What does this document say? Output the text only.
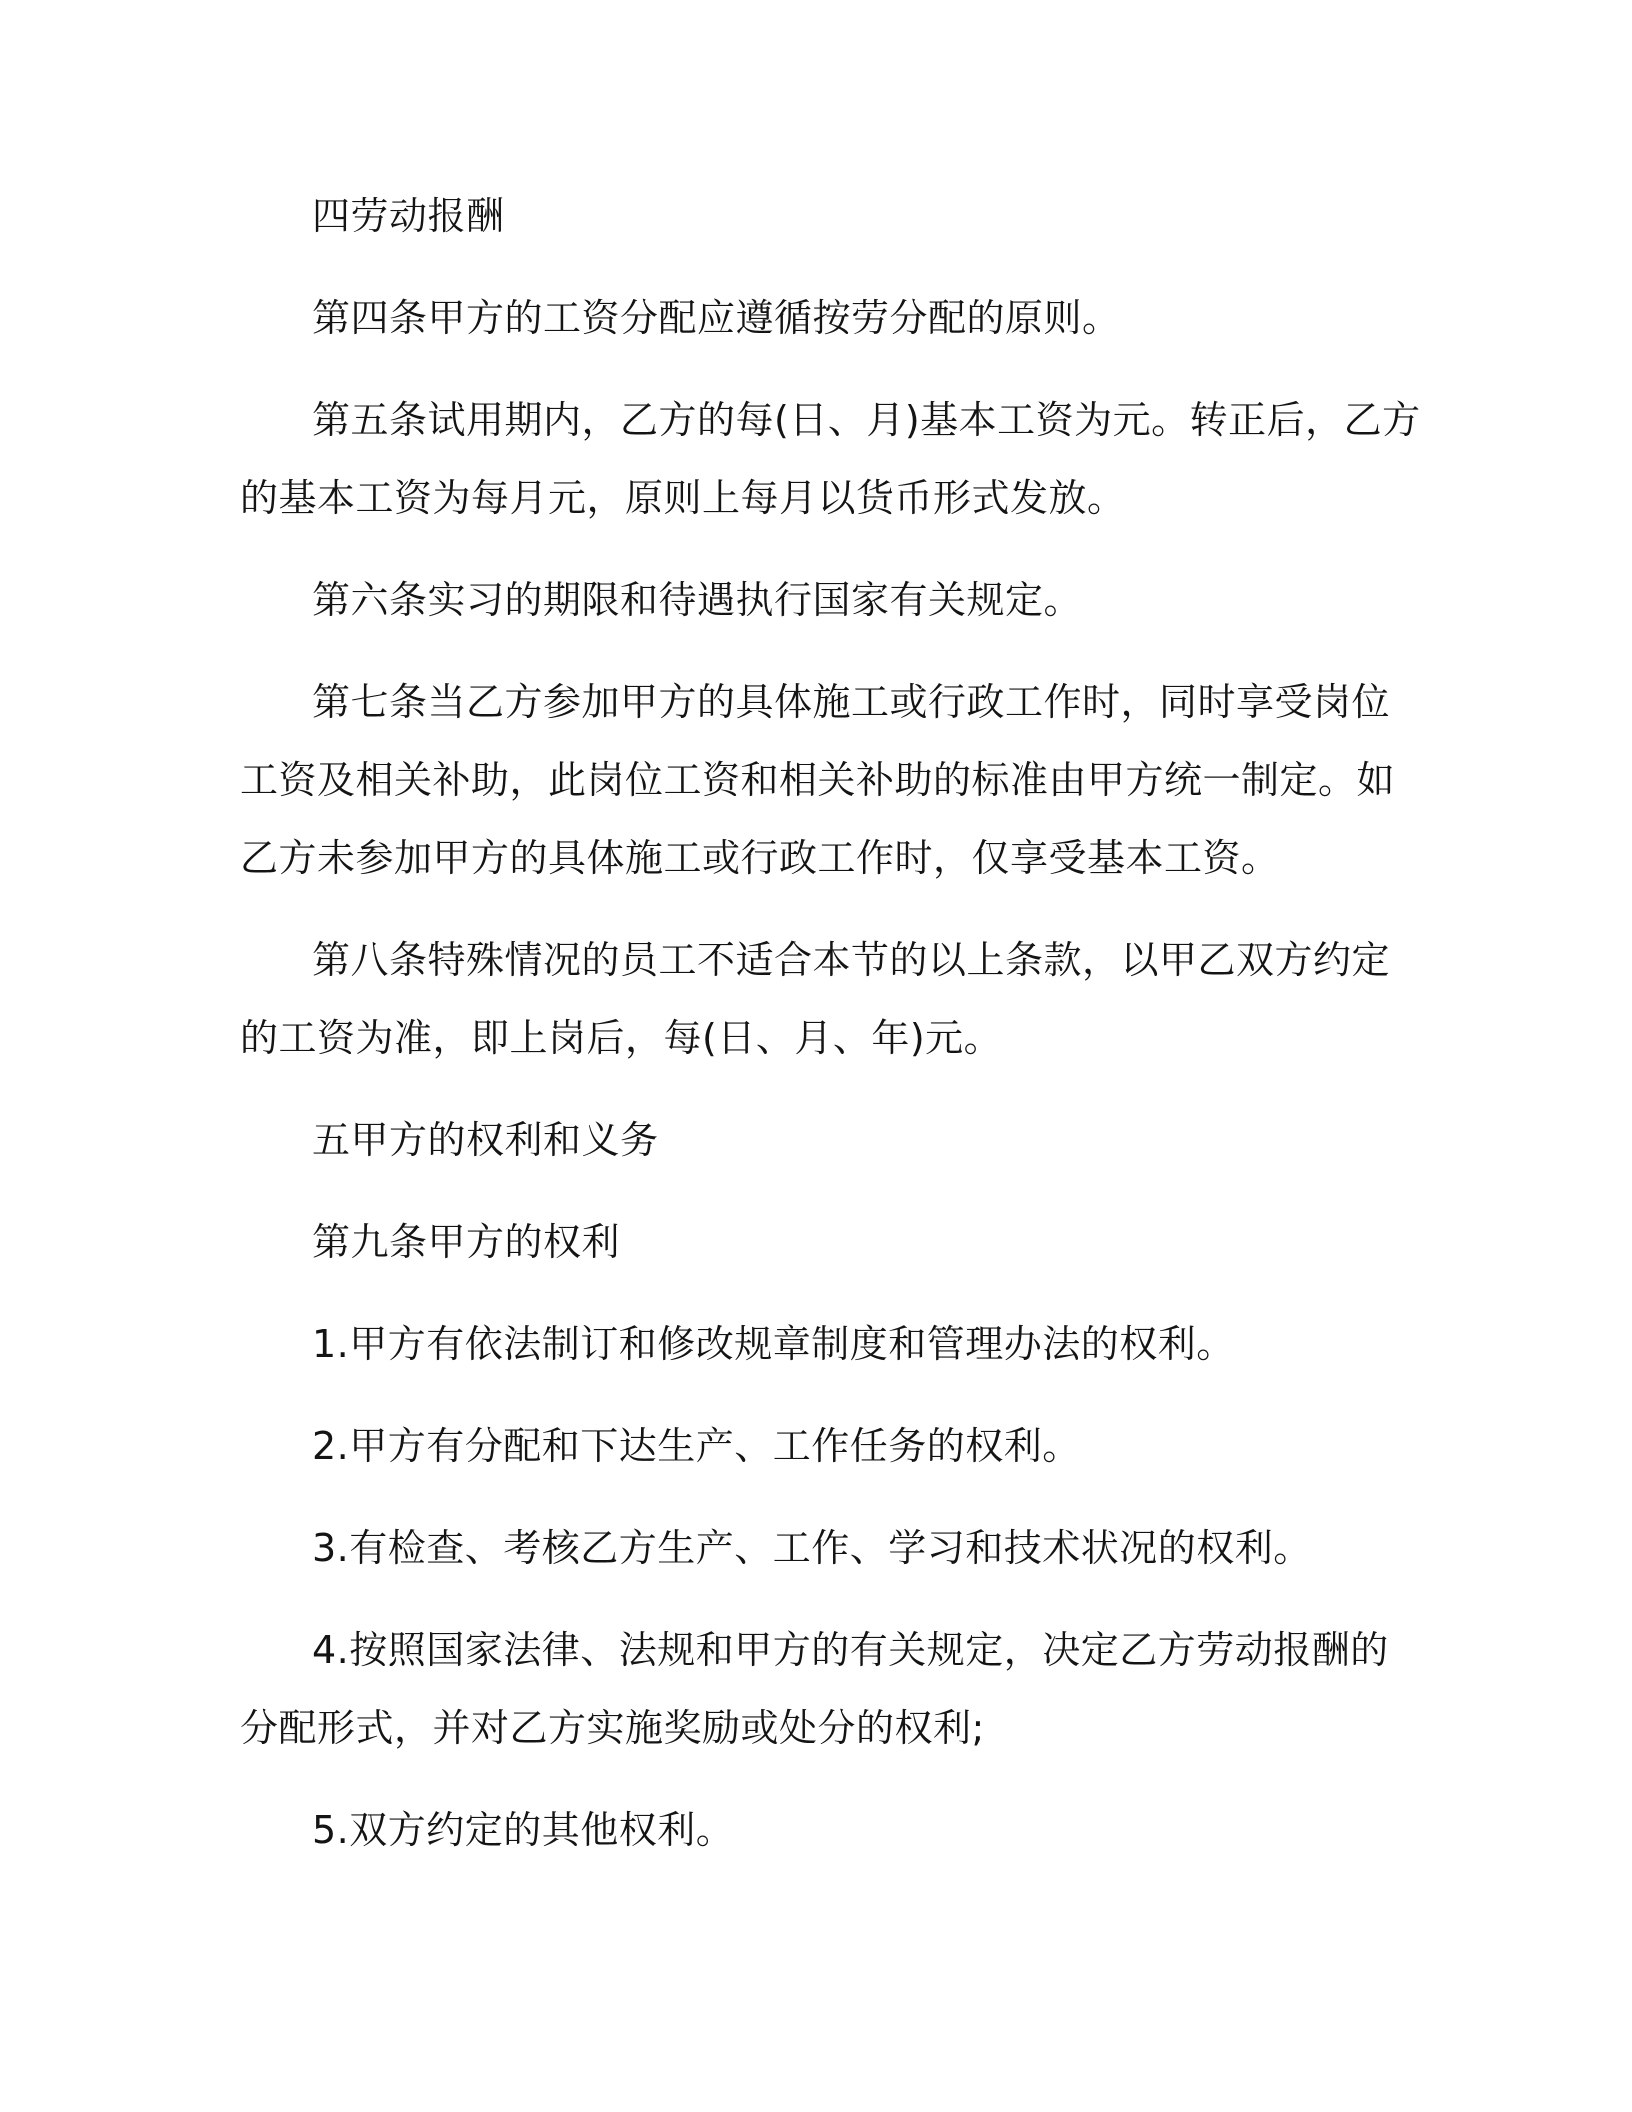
四劳动报酬
第四条甲方的工资分配应遵循按劳分配的原则。
第五条试用期内，乙方的每(日、月)基本工资为元。转正后，乙方
的基本工资为每月元，原则上每月以货币形式发放。
第六条实习的期限和待遇执行国家有关规定。
第七条当乙方参加甲方的具体施工或行政工作时，同时享受岗位
工资及相关补助，此岗位工资和相关补助的标准由甲方统一制定。如
乙方未参加甲方的具体施工或行政工作时，仅享受基本工资。
第八条特殊情况的员工不适合本节的以上条款，以甲乙双方约定
的工资为准，即上岗后，每(日、月、年)元。
五甲方的权利和义务
第九条甲方的权利
1.甲方有依法制订和修改规章制度和管理办法的权利。
2.甲方有分配和下达生产、工作任务的权利。
3.有检查、考核乙方生产、工作、学习和技术状况的权利。
4.按照国家法律、法规和甲方的有关规定，决定乙方劳动报酬的
分配形式，并对乙方实施奖励或处分的权利;
5.双方约定的其他权利。
